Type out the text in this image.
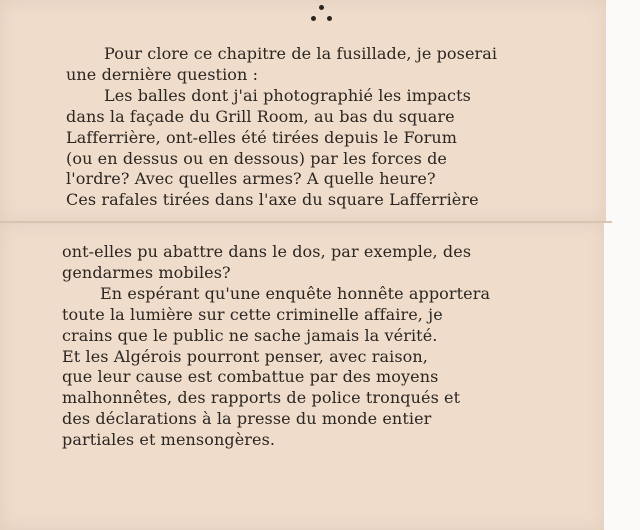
Pour clore ce chapitre de la fusillade, je poserai
une dernière question :
Les balles dont j'ai photographié les impacts
dans la façade du Grill Room, au bas du square
Lafferrière, ont-elles été tirées depuis le Forum
(ou en dessus ou en dessous) par les forces de
l'ordre? Avec quelles armes? A quelle heure?
Ces rafales tirées dans l'axe du square Lafferrière
ont-elles pu abattre dans le dos, par exemple, des
gendarmes mobiles?
En espérant qu'une enquête honnête apportera
toute la lumière sur cette criminelle affaire, je
crains que le public ne sache jamais la vérité.
Et les Algérois pourront penser, avec raison,
que leur cause est combattue par des moyens
malhonnêtes, des rapports de police tronqués et
des déclarations à la presse du monde entier
partiales et mensongères.
